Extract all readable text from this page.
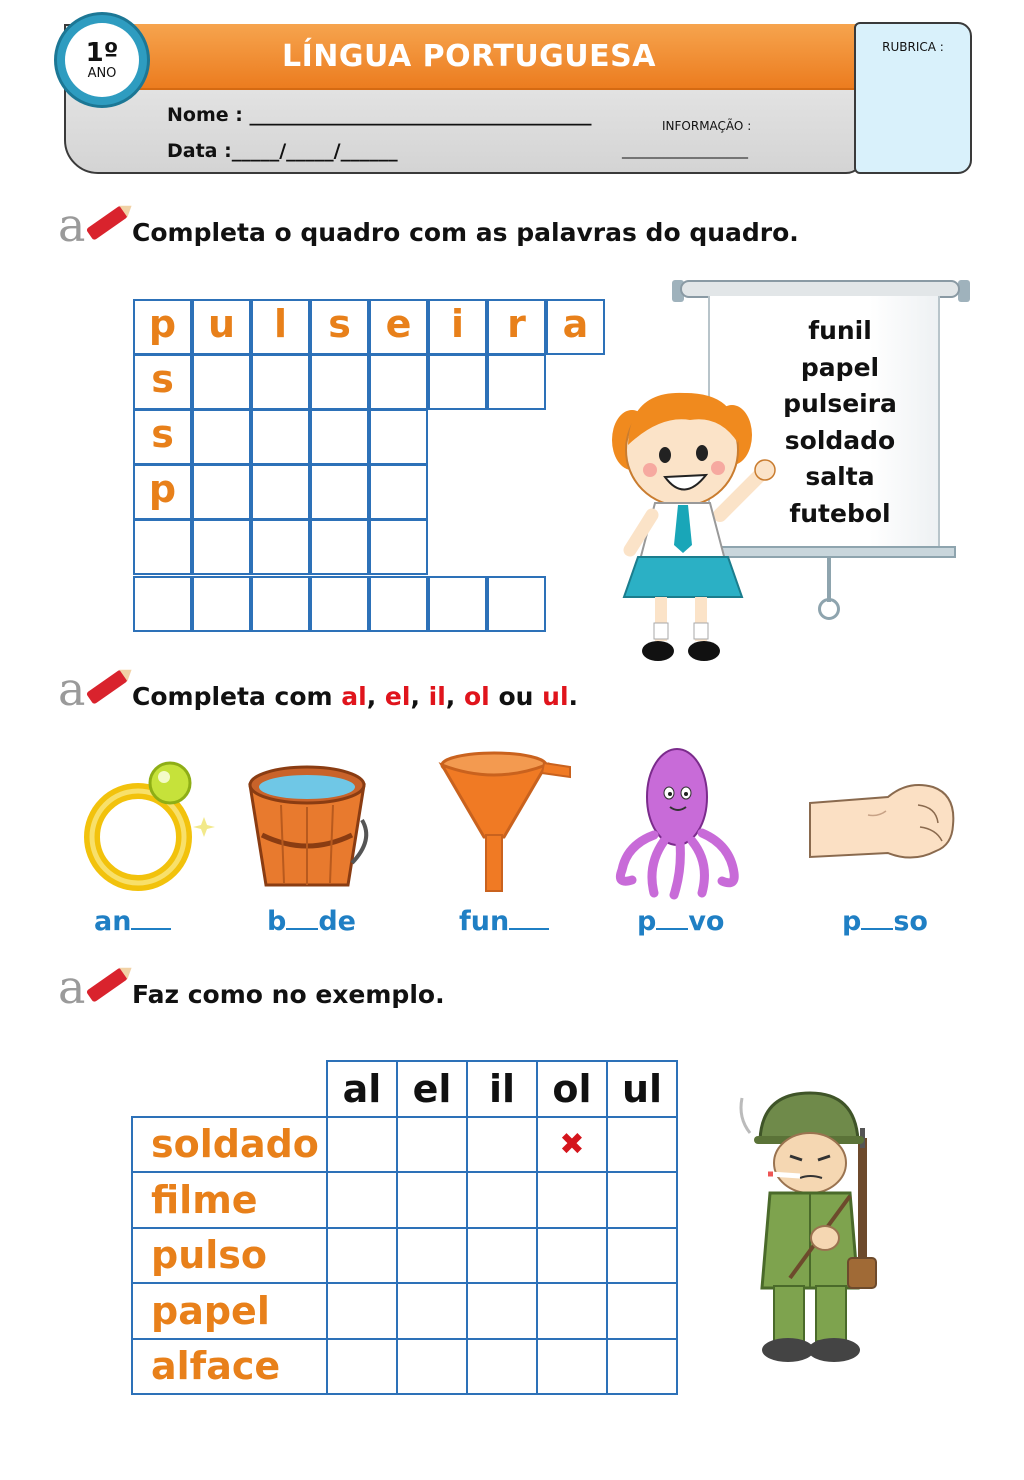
LÍNGUA PORTUGUESA
1º
ANO
Nome : ____________________________________
Data :_____/_____/______
INFORMAÇÃO :
__________________
RUBRICA :
a Completa o quadro com as palavras do quadro.
p u	l	s e	i	r a
s
s
p
funil
papel
pulseira
soldado
salta
futebol
a Completa com al, el, il, ol ou ul.
an	b de	fun	p vo	p so
a Faz como no exemplo.
	al	el	il	ol	ul
soldado				✖	
filme					
pulso					
papel					
alface					
